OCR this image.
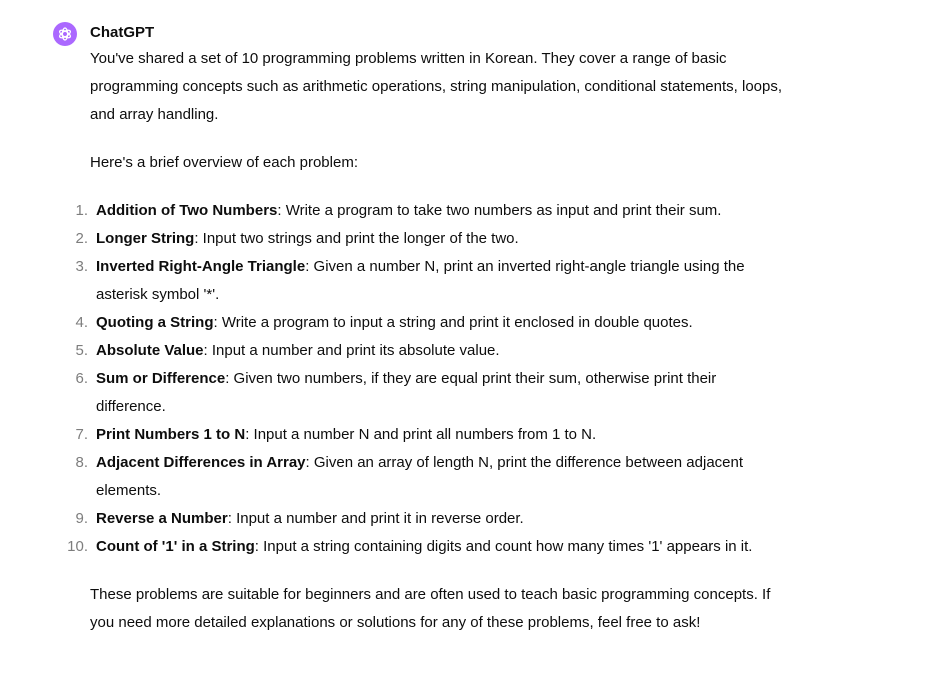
ChatGPT

You've shared a set of 10 programming problems written in Korean. They cover a range of basic programming concepts such as arithmetic operations, string manipulation, conditional statements, loops, and array handling.

Here's a brief overview of each problem:

1. Addition of Two Numbers: Write a program to take two numbers as input and print their sum.
2. Longer String: Input two strings and print the longer of the two.
3. Inverted Right-Angle Triangle: Given a number N, print an inverted right-angle triangle using the asterisk symbol '*'.
4. Quoting a String: Write a program to input a string and print it enclosed in double quotes.
5. Absolute Value: Input a number and print its absolute value.
6. Sum or Difference: Given two numbers, if they are equal print their sum, otherwise print their difference.
7. Print Numbers 1 to N: Input a number N and print all numbers from 1 to N.
8. Adjacent Differences in Array: Given an array of length N, print the difference between adjacent elements.
9. Reverse a Number: Input a number and print it in reverse order.
10. Count of '1' in a String: Input a string containing digits and count how many times '1' appears in it.

These problems are suitable for beginners and are often used to teach basic programming concepts. If you need more detailed explanations or solutions for any of these problems, feel free to ask!
